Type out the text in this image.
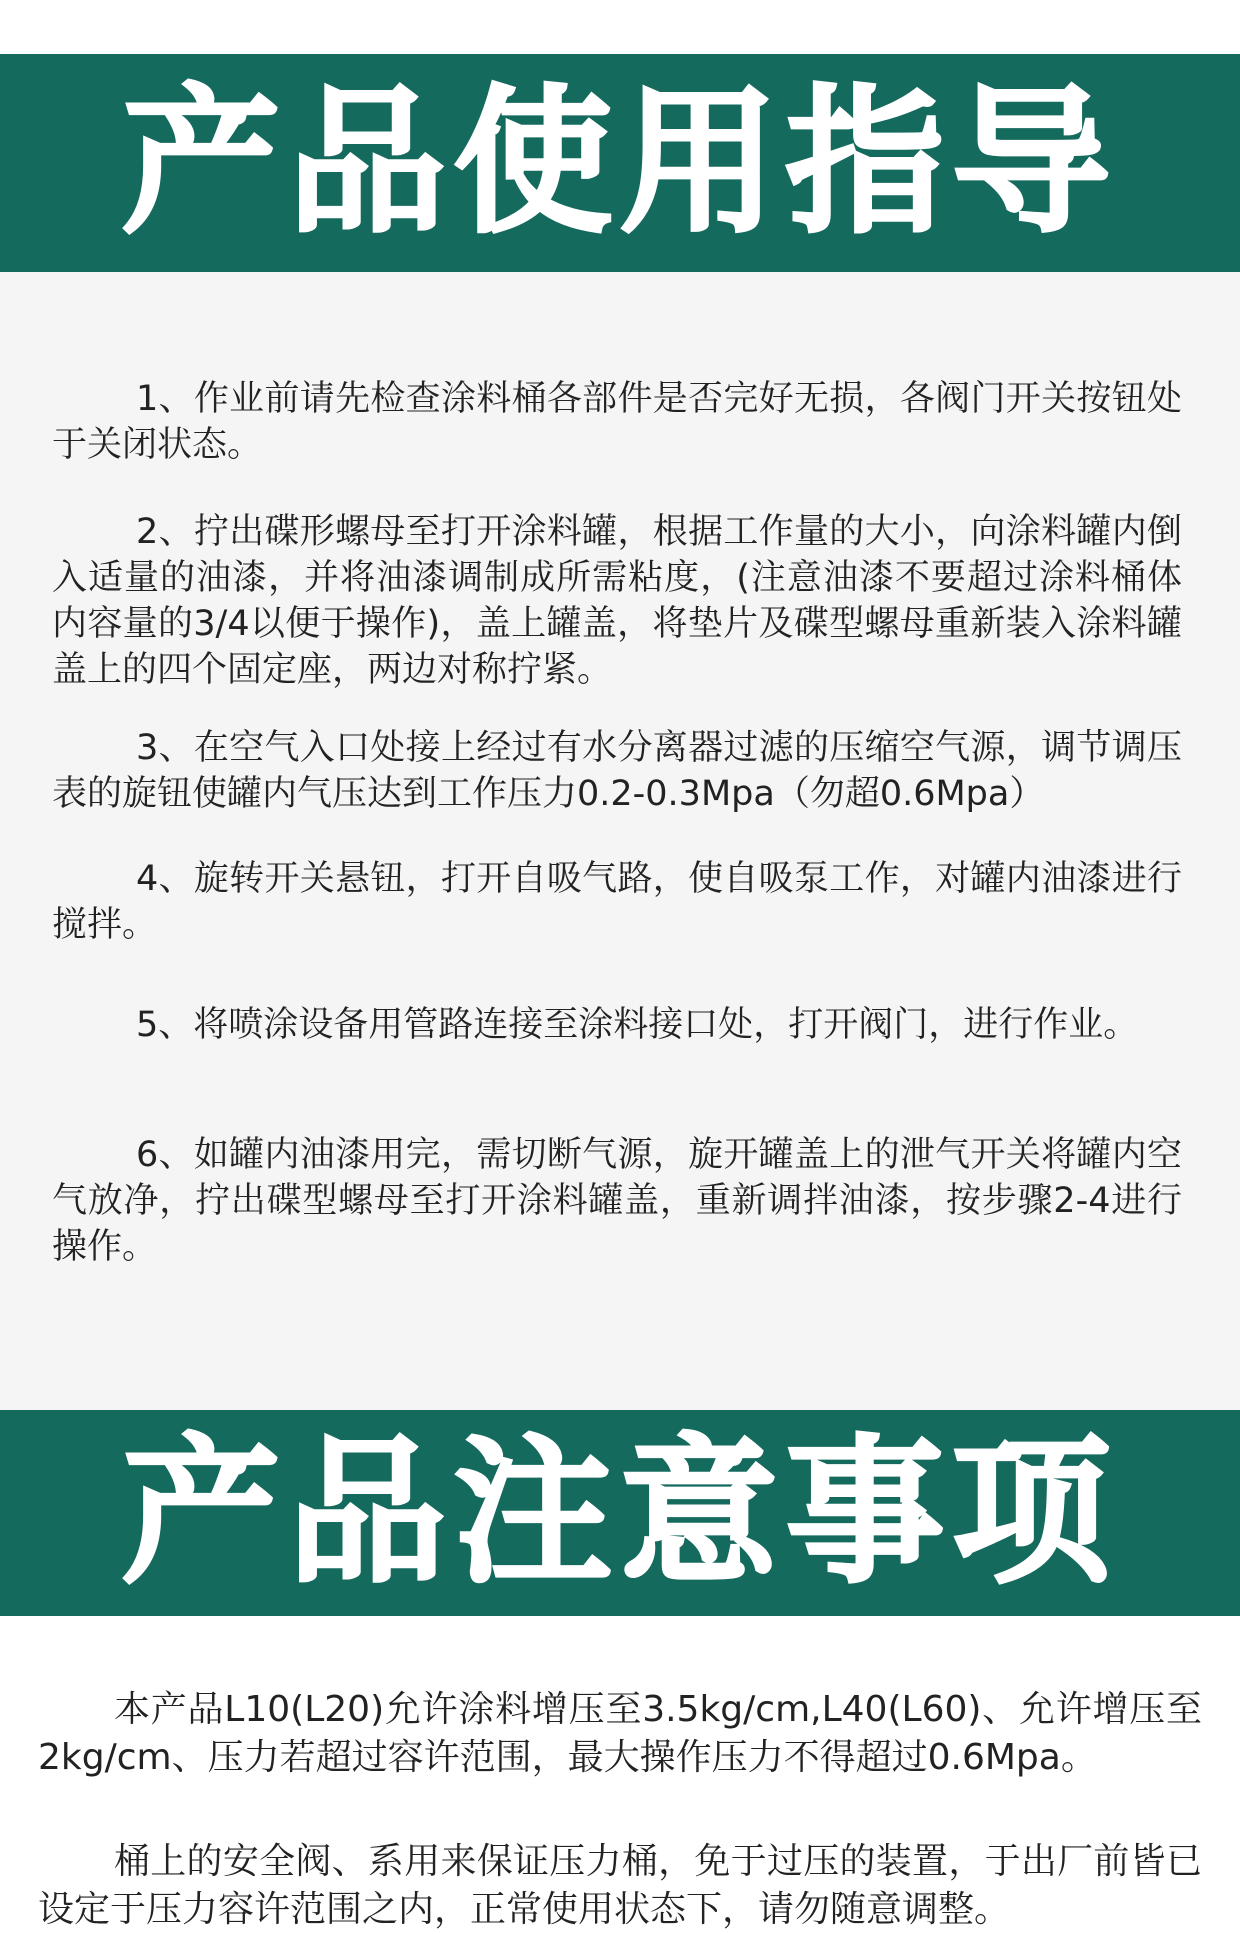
产品使用指导

1、作业前请先检查涂料桶各部件是否完好无损，各阀门开关按钮处于关闭状态。

2、拧出碟形螺母至打开涂料罐，根据工作量的大小，向涂料罐内倒入适量的油漆，并将油漆调制成所需粘度，(注意油漆不要超过涂料桶体内容量的3/4以便于操作)，盖上罐盖，将垫片及碟型螺母重新装入涂料罐盖上的四个固定座，两边对称拧紧。

3、在空气入口处接上经过有水分离器过滤的压缩空气源，调节调压表的旋钮使罐内气压达到工作压力0.2-0.3Mpa（勿超0.6Mpa）

4、旋转开关悬钮，打开自吸气路，使自吸泵工作，对罐内油漆进行搅拌。

5、将喷涂设备用管路连接至涂料接口处，打开阀门，进行作业。

6、如罐内油漆用完，需切断气源，旋开罐盖上的泄气开关将罐内空气放净，拧出碟型螺母至打开涂料罐盖，重新调拌油漆，按步骤2-4进行操作。

产品注意事项

本产品L10(L20)允许涂料增压至3.5kg/cm,L40(L60)、允许增压至2kg/cm、压力若超过容许范围，最大操作压力不得超过0.6Mpa。

桶上的安全阀、系用来保证压力桶，免于过压的装置，于出厂前皆已设定于压力容许范围之内，正常使用状态下，请勿随意调整。
